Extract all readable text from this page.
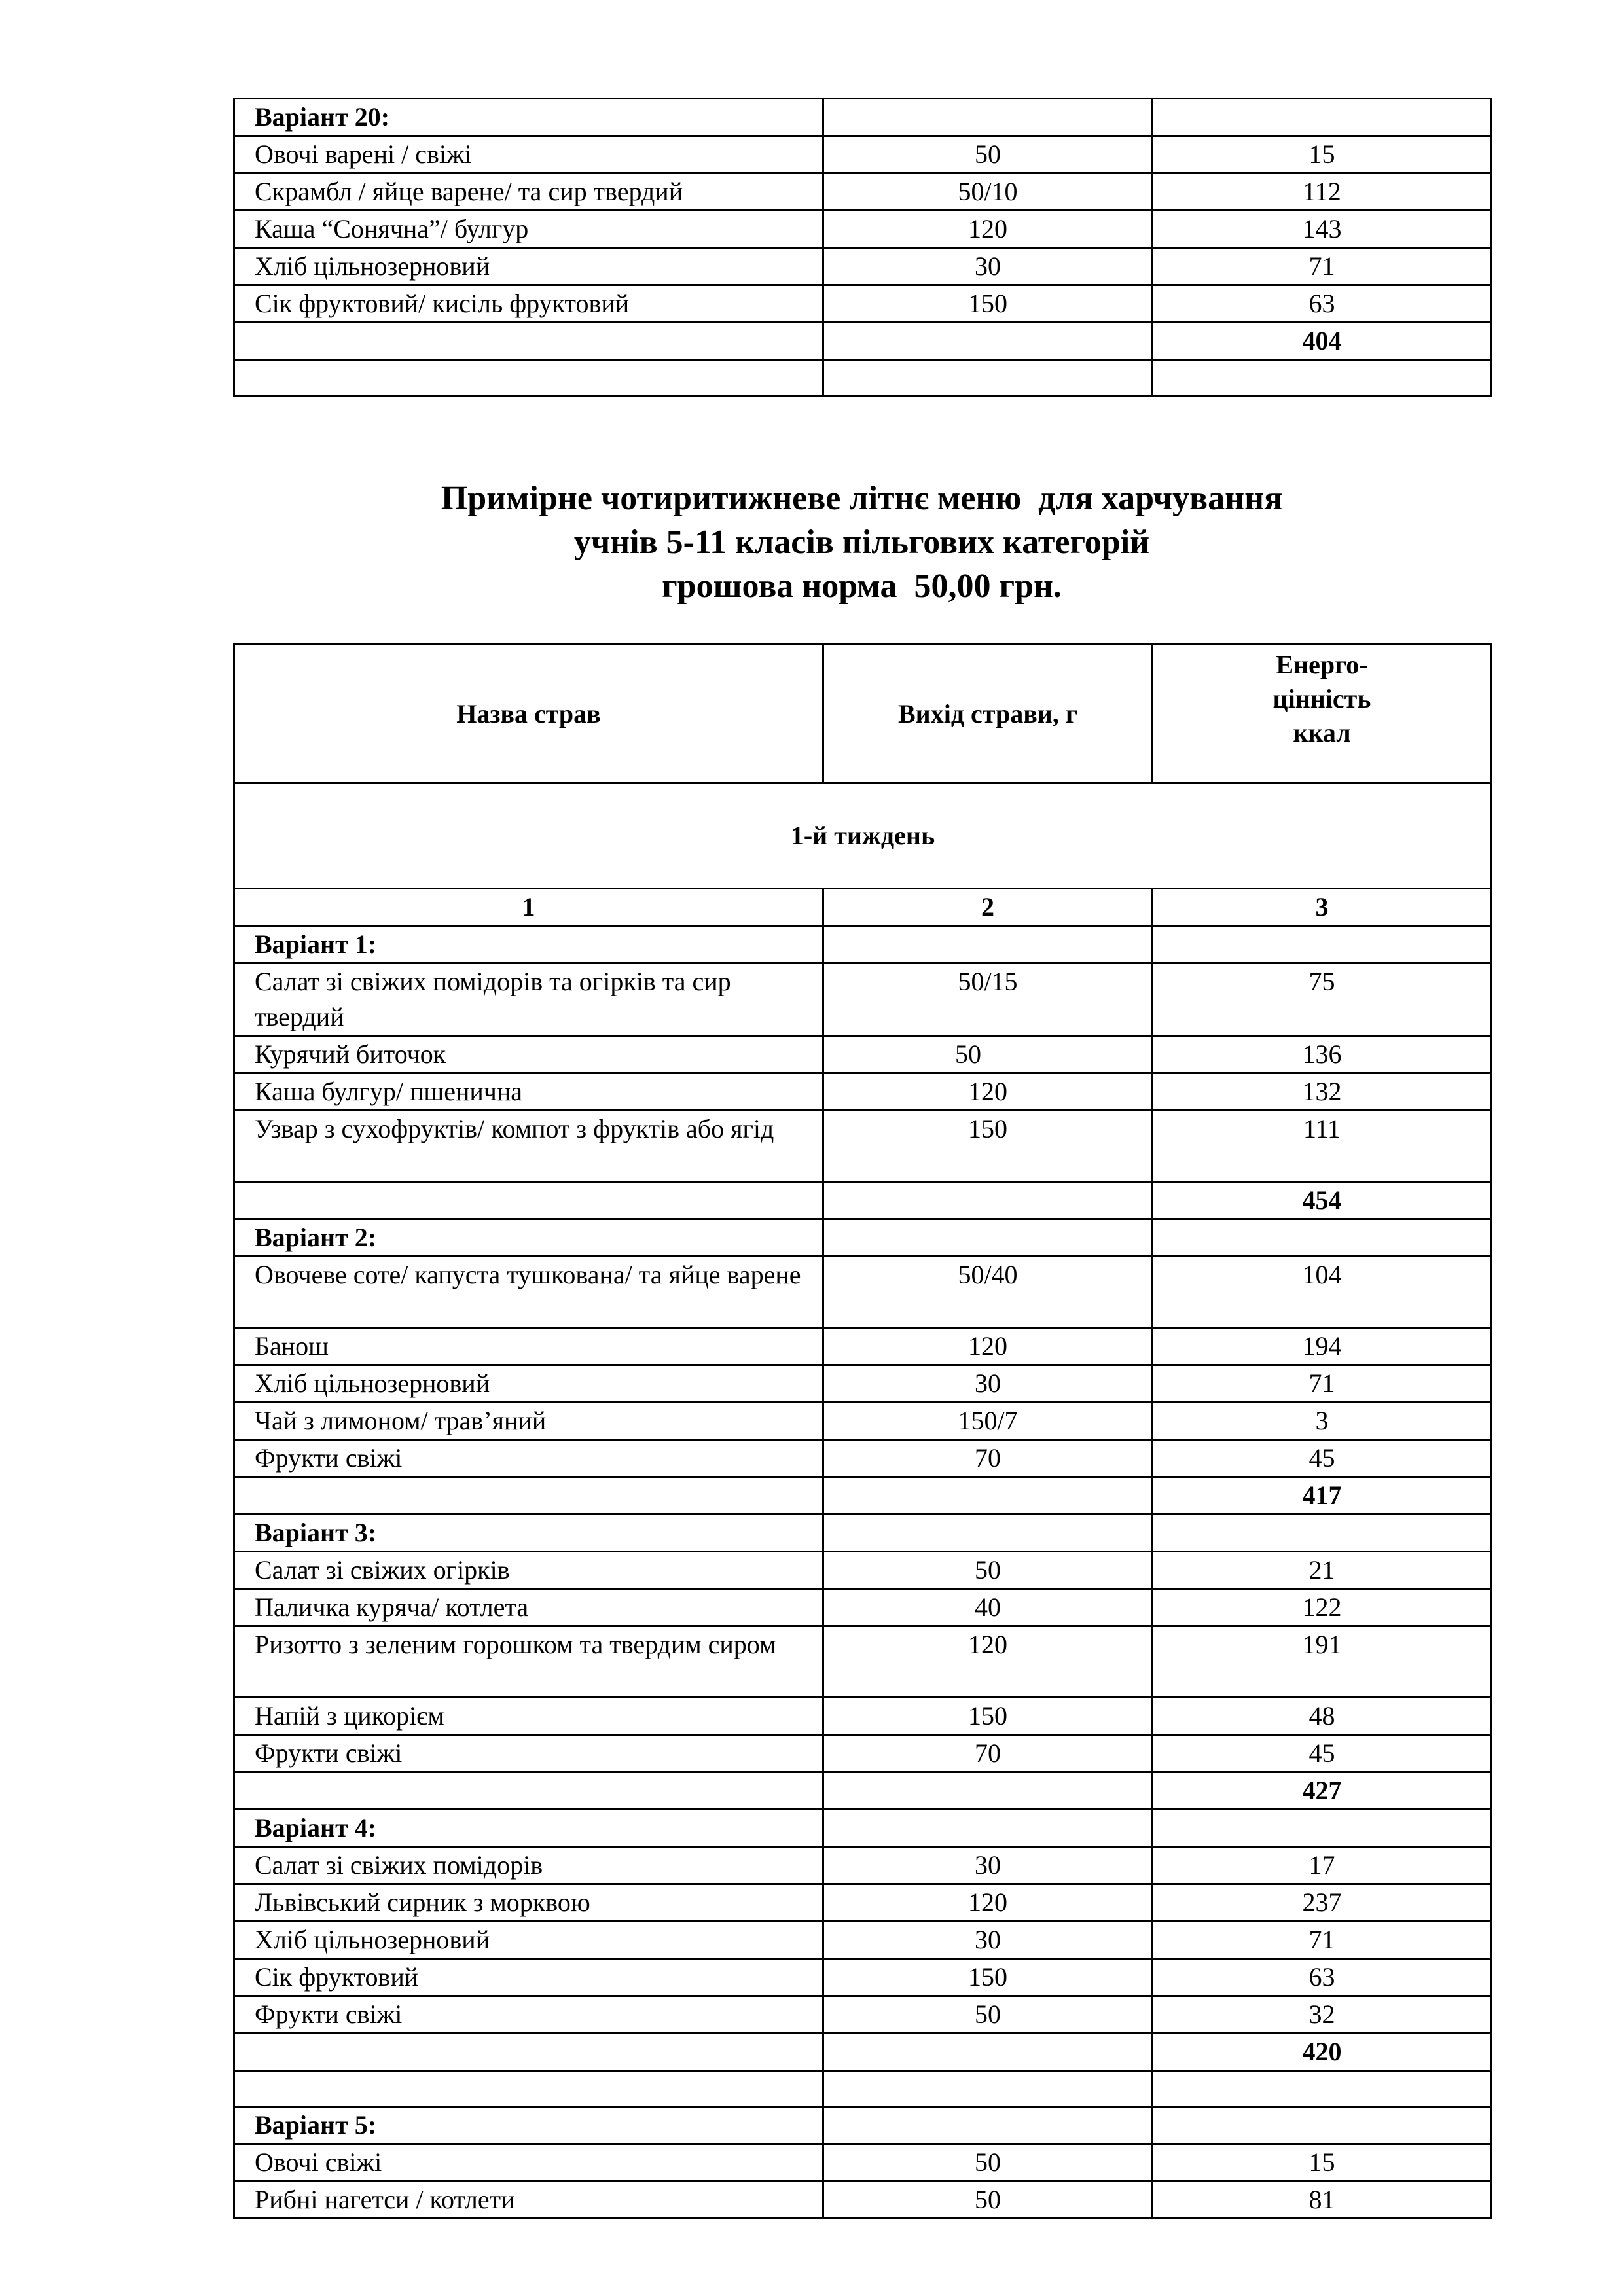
Варіант 20:		
Овочі варені / свіжі	50	15
Скрамбл / яйце варене/ та сир твердий	50/10	112
Каша “Сонячна”/ булгур	120	143
Хліб цільнозерновий	30	71
Сік фруктовий/ кисіль фруктовий	150	63
		404

Примірне чотиритижневе літнє меню  для харчування
учнів 5-11 класів пільгових категорій
грошова норма  50,00 грн.
Назва страв	Вихід страви, г	Енерго-
цінність
ккал

1-й тиждень		
1	2	3
Варіант 1:		
Салат зі свіжих помідорів та огірків та сир твердий	50/15	75
Курячий биточок	50	136
Каша булгур/ пшенична	120	132
Узвар з сухофруктів/ компот з фруктів або ягід	150	111
		454
Варіант 2:		
Овочеве соте/ капуста тушкована/ та яйце варене	50/40	104
Банош	120	194
Хліб цільнозерновий	30	71
Чай з лимоном/ трав’яний	150/7	3
Фрукти свіжі	70	45
		417
Варіант 3:		
Салат зі свіжих огірків	50	21
Паличка куряча/ котлета	40	122
Ризотто з зеленим горошком та твердим сиром	120	191
Напій з цикорієм	150	48
Фрукти свіжі	70	45
		427
Варіант 4:		
Салат зі свіжих помідорів	30	17
Львівський сирник з морквою	120	237
Хліб цільнозерновий	30	71
Сік фруктовий	150	63
Фрукти свіжі	50	32
		420

Варіант 5:		
Овочі свіжі	50	15
Рибні нагетси / котлети	50	81
